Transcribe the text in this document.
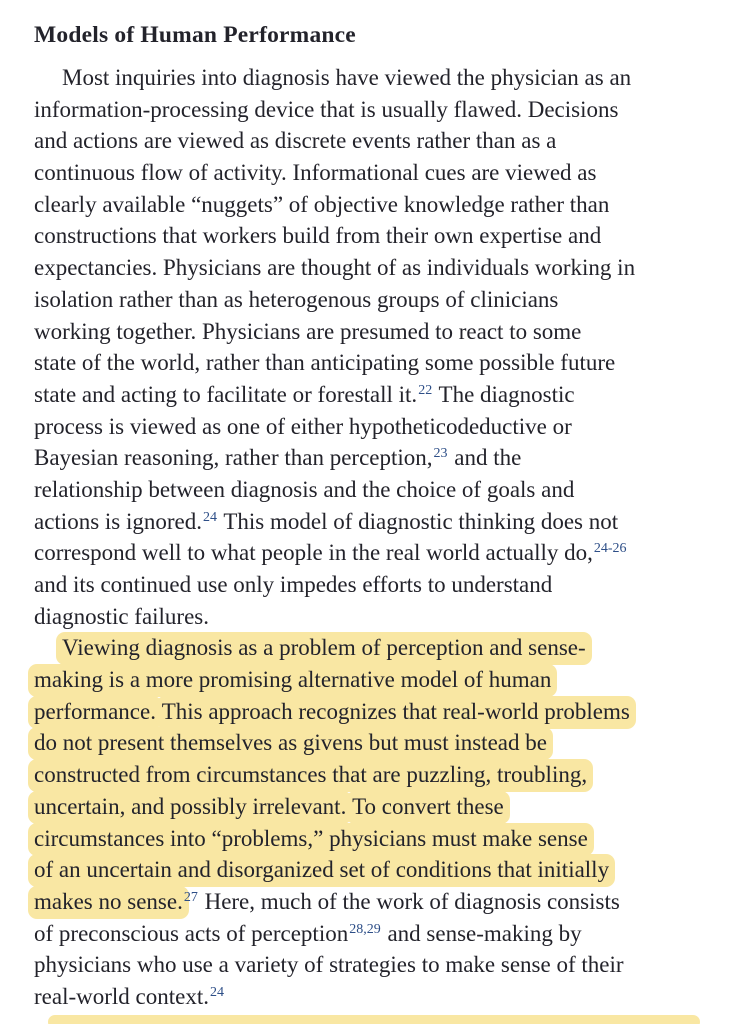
Models of Human Performance
Most inquiries into diagnosis have viewed the physician as an
information-processing device that is usually flawed. Decisions
and actions are viewed as discrete events rather than as a
continuous flow of activity. Informational cues are viewed as
clearly available “nuggets” of objective knowledge rather than
constructions that workers build from their own expertise and
expectancies. Physicians are thought of as individuals working in
isolation rather than as heterogenous groups of clinicians
working together. Physicians are presumed to react to some
state of the world, rather than anticipating some possible future
state and acting to facilitate or forestall it.$^{22}$ The diagnostic
process is viewed as one of either hypotheticodeductive or
Bayesian reasoning, rather than perception,$^{23}$ and the
relationship between diagnosis and the choice of goals and
actions is ignored.$^{24}$ This model of diagnostic thinking does not
correspond well to what people in the real world actually do,$^{24-26}$
and its continued use only impedes efforts to understand
diagnostic failures.
Viewing diagnosis as a problem of perception and sense-
making is a more promising alternative model of human
performance. This approach recognizes that real-world problems
do not present themselves as givens but must instead be
constructed from circumstances that are puzzling, troubling,
uncertain, and possibly irrelevant. To convert these
circumstances into “problems,” physicians must make sense
of an uncertain and disorganized set of conditions that initially
makes no sense.$^{27}$ Here, much of the work of diagnosis consists
of preconscious acts of perception$^{28,29}$ and sense-making by
physicians who use a variety of strategies to make sense of their
real-world context.$^{24}$
